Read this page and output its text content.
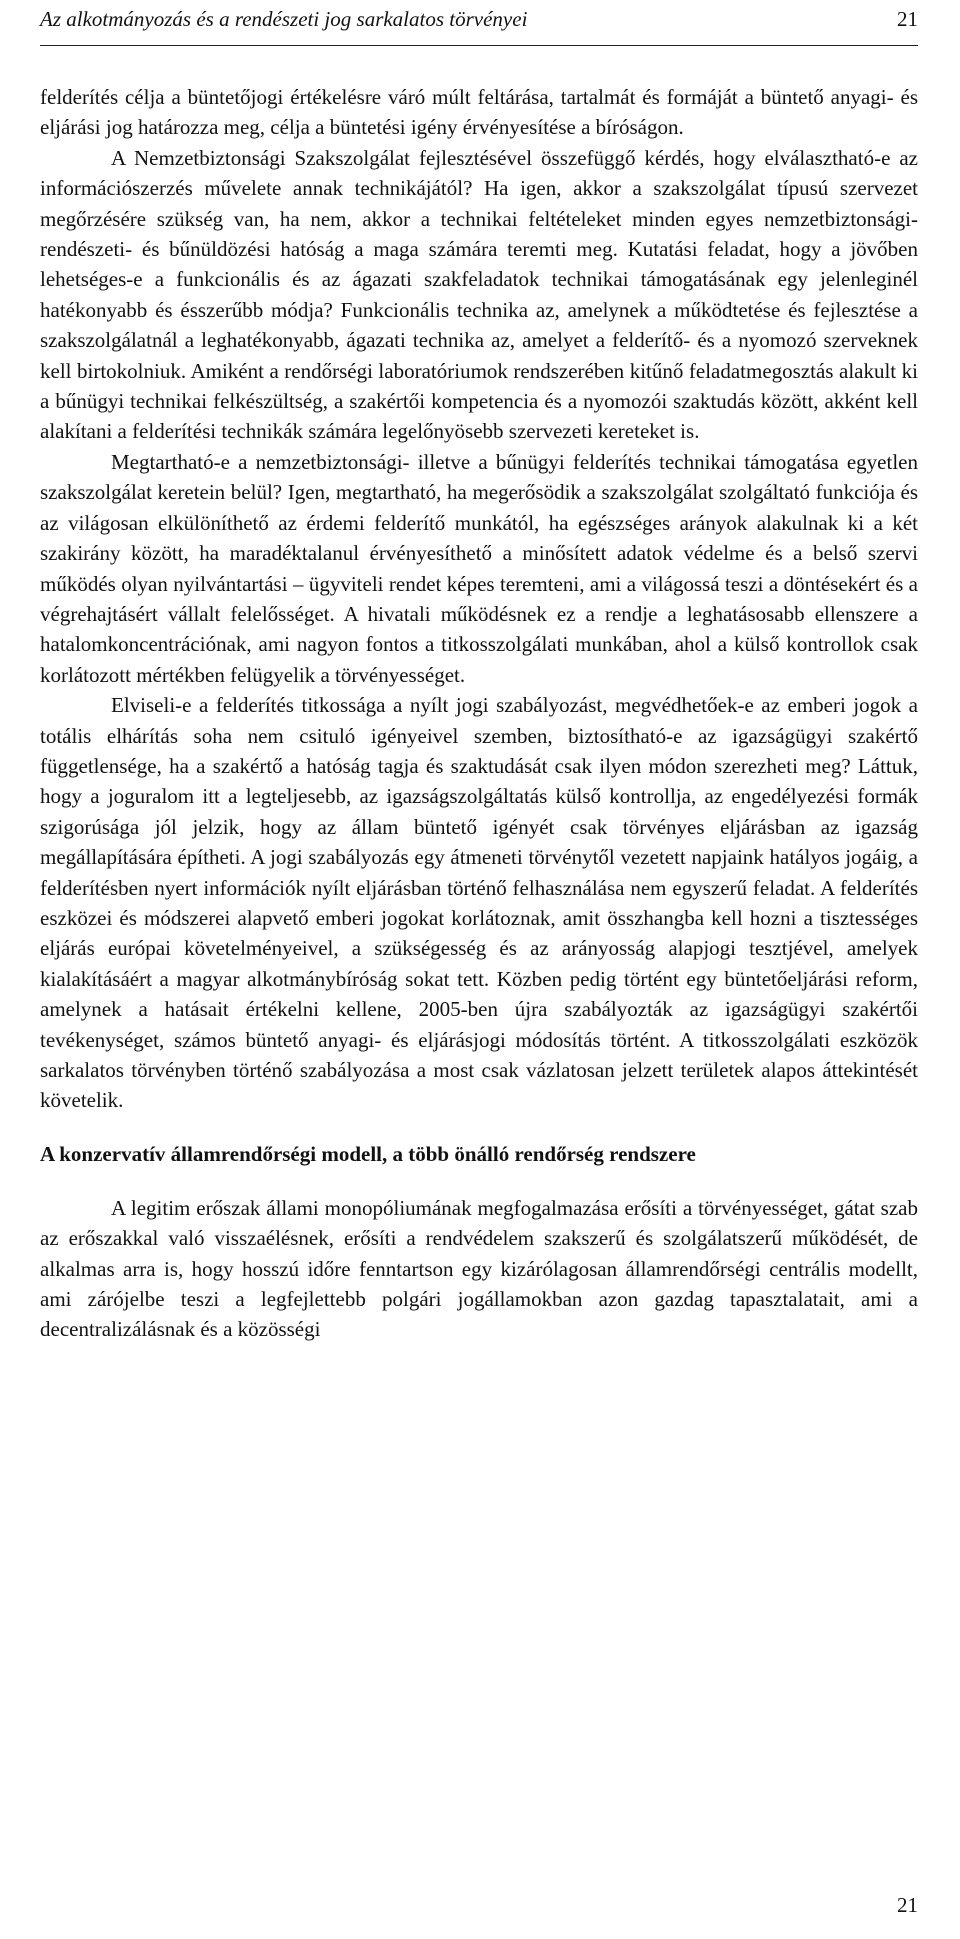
Az alkotmányozás és a rendészeti jog sarkalatos törvényei	21

felderítés célja a büntetőjogi értékelésre váró múlt feltárása, tartalmát és formáját a büntető anyagi- és eljárási jog határozza meg, célja a büntetési igény érvényesítése a bíróságon.

A Nemzetbiztonsági Szakszolgálat fejlesztésével összefüggő kérdés, hogy elválasztható-e az információszerzés művelete annak technikájától? Ha igen, akkor a szakszolgálat típusú szervezet megőrzésére szükség van, ha nem, akkor a technikai feltételeket minden egyes nemzetbiztonsági- rendészeti- és bűnüldözési hatóság a maga számára teremti meg. Kutatási feladat, hogy a jövőben lehetséges-e a funkcionális és az ágazati szakfeladatok technikai támogatásának egy jelenleginél hatékonyabb és ésszerűbb módja? Funkcionális technika az, amelynek a működtetése és fejlesztése a szakszolgálatnál a leghatékonyabb, ágazati technika az, amelyet a felderítő- és a nyomozó szerveknek kell birtokolniuk. Amiként a rendőrségi laboratóriumok rendszerében kitűnő feladatmegosztás alakult ki a bűnügyi technikai felkészültség, a szakértői kompetencia és a nyomozói szaktudás között, akként kell alakítani a felderítési technikák számára legelőnyösebb szervezeti kereteket is.

Megtartható-e a nemzetbiztonsági- illetve a bűnügyi felderítés technikai támogatása egyetlen szakszolgálat keretein belül? Igen, megtartható, ha megerősödik a szakszolgálat szolgáltató funkciója és az világosan elkülöníthető az érdemi felderítő munkától, ha egészséges arányok alakulnak ki a két szakirány között, ha maradéktalanul érvényesíthető a minősített adatok védelme és a belső szervi működés olyan nyilvántartási – ügyviteli rendet képes teremteni, ami a világossá teszi a döntésekért és a végrehajtásért vállalt felelősséget. A hivatali működésnek ez a rendje a leghatásosabb ellenszere a hatalomkoncentrációnak, ami nagyon fontos a titkosszolgálati munkában, ahol a külső kontrollok csak korlátozott mértékben felügyelik a törvényességet.

Elviseli-e a felderítés titkossága a nyílt jogi szabályozást, megvédhetőek-e az emberi jogok a totális elhárítás soha nem csituló igényeivel szemben, biztosítható-e az igazságügyi szakértő függetlensége, ha a szakértő a hatóság tagja és szaktudását csak ilyen módon szerezheti meg? Láttuk, hogy a joguralom itt a legteljesebb, az igazságszolgáltatás külső kontrollja, az engedélyezési formák szigorúsága jól jelzik, hogy az állam büntető igényét csak törvényes eljárásban az igazság megállapítására építheti. A jogi szabályozás egy átmeneti törvénytől vezetett napjaink hatályos jogáig, a felderítésben nyert információk nyílt eljárásban történő felhasználása nem egyszerű feladat. A felderítés eszközei és módszerei alapvető emberi jogokat korlátoznak, amit összhangba kell hozni a tisztességes eljárás európai követelményeivel, a szükségesség és az arányosság alapjogi tesztjével, amelyek kialakításáért a magyar alkotmánybíróság sokat tett. Közben pedig történt egy büntetőeljárási reform, amelynek a hatásait értékelni kellene, 2005-ben újra szabályozták az igazságügyi szakértői tevékenységet, számos büntető anyagi- és eljárásjogi módosítás történt. A titkosszolgálati eszközök sarkalatos törvényben történő szabályozása a most csak vázlatosan jelzett területek alapos áttekintését követelik.

A konzervatív államrendőrségi modell, a több önálló rendőrség rendszere

A legitim erőszak állami monopóliumának megfogalmazása erősíti a törvényességet, gátat szab az erőszakkal való visszaélésnek, erősíti a rendvédelem szakszerű és szolgálatszerű működését, de alkalmas arra is, hogy hosszú időre fenntartson egy kizárólagosan államrendőrségi centrális modellt, ami zárójelbe teszi a legfejlettebb polgári jogállamokban azon gazdag tapasztalatait, ami a decentralizálásnak és a közösségi

21
